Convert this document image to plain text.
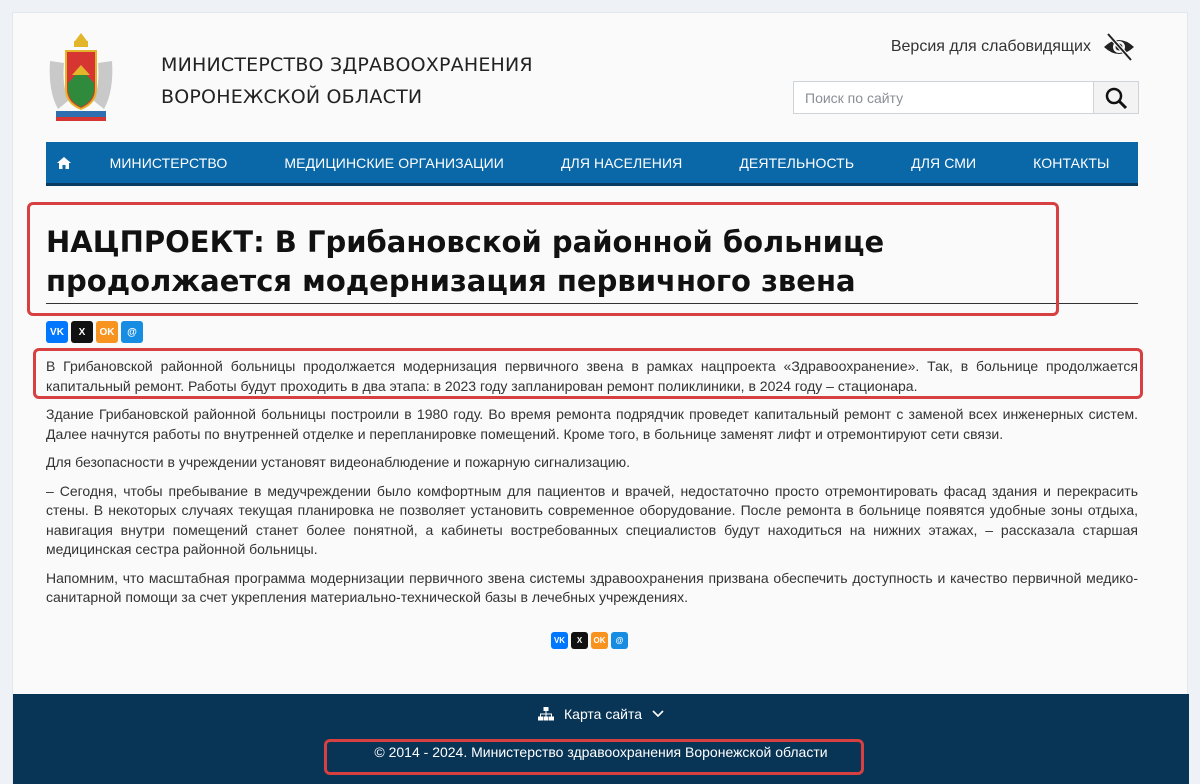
МИНИСТЕРСТВО ЗДРАВООХРАНЕНИЯ
ВОРОНЕЖСКОЙ ОБЛАСТИ
Версия для слабовидящих
Поиск по сайту
МИНИСТЕРСТВО	МЕДИЦИНСКИЕ ОРГАНИЗАЦИИ	ДЛЯ НАСЕЛЕНИЯ	ДЕЯТЕЛЬНОСТЬ	ДЛЯ СМИ	КОНТАКТЫ
НАЦПРОЕКТ: В Грибановской районной больнице продолжается модернизация первичного звена
VK	X	OK	@

В Грибановской районной больницы продолжается модернизация первичного звена в рамках нацпроекта «Здравоохранение». Так, в больнице продолжается капитальный ремонт. Работы будут проходить в два этапа: в 2023 году запланирован ремонт поликлиники, в 2024 году – стационара.

Здание Грибановской районной больницы построили в 1980 году. Во время ремонта подрядчик проведет капитальный ремонт с заменой всех инженерных систем. Далее начнутся работы по внутренней отделке и перепланировке помещений. Кроме того, в больнице заменят лифт и отремонтируют сети связи.

Для безопасности в учреждении установят видеонаблюдение и пожарную сигнализацию.

– Сегодня, чтобы пребывание в медучреждении было комфортным для пациентов и врачей, недостаточно просто отремонтировать фасад здания и перекрасить стены. В некоторых случаях текущая планировка не позволяет установить современное оборудование. После ремонта в больнице появятся удобные зоны отдыха, навигация внутри помещений станет более понятной, а кабинеты востребованных специалистов будут находиться на нижних этажах, – рассказала старшая медицинская сестра районной больницы.

Напомним, что масштабная программа модернизации первичного звена системы здравоохранения призвана обеспечить доступность и качество первичной медико-санитарной помощи за счет укрепления материально-технической базы в лечебных учреждениях.

VK	X	OK	@
Карта сайта
© 2014 - 2024. Министерство здравоохранения Воронежской области
